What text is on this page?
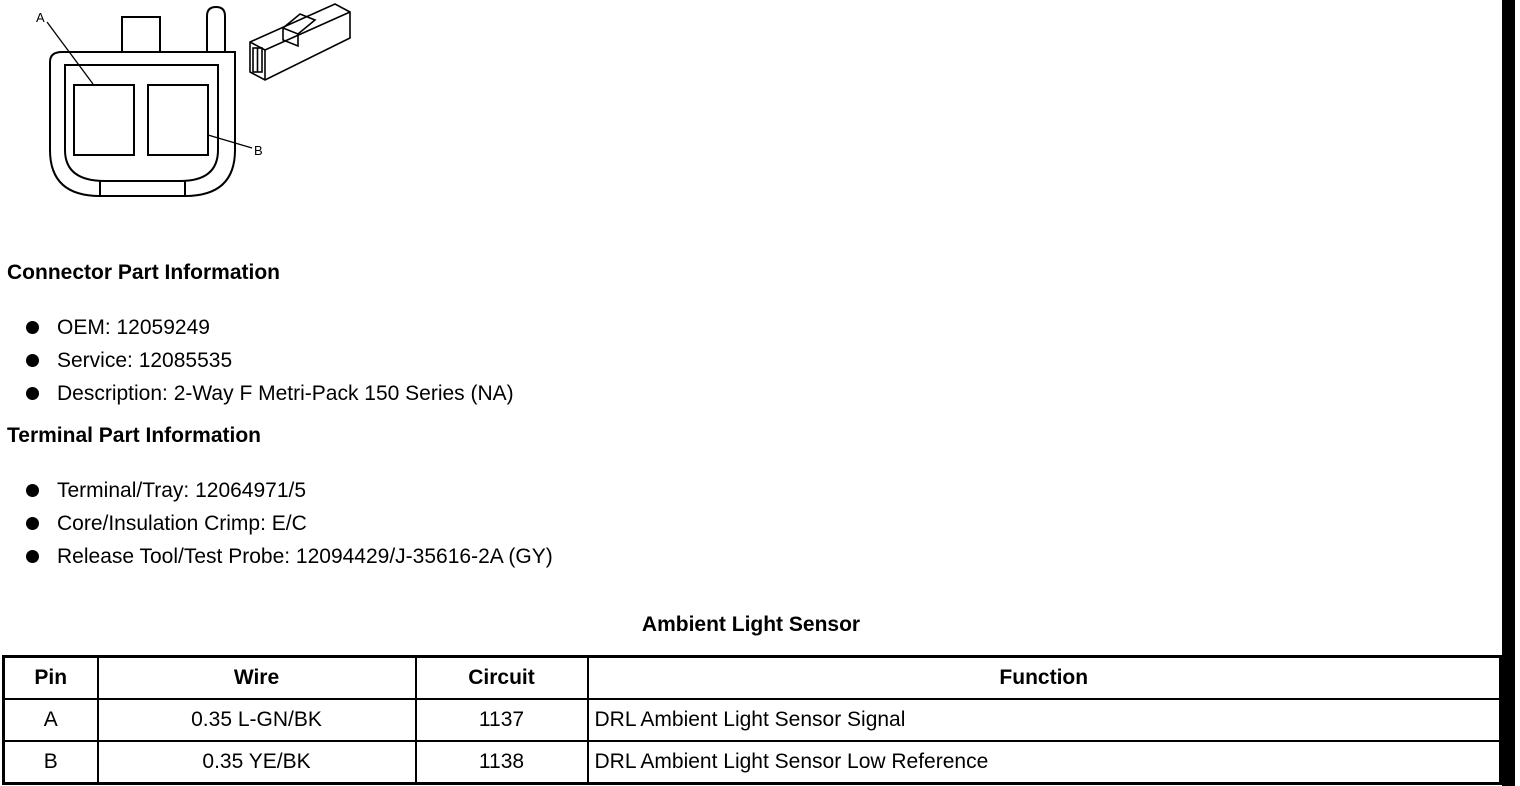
A
B
Connector Part Information
OEM: 12059249
Service: 12085535
Description: 2-Way F Metri-Pack 150 Series (NA)
Terminal Part Information
Terminal/Tray: 12064971/5
Core/Insulation Crimp: E/C
Release Tool/Test Probe: 12094429/J-35616-2A (GY)
Ambient Light Sensor
Pin	Wire	Circuit	Function
A	0.35 L-GN/BK	1137	DRL Ambient Light Sensor Signal
B	0.35 YE/BK	1138	DRL Ambient Light Sensor Low Reference
